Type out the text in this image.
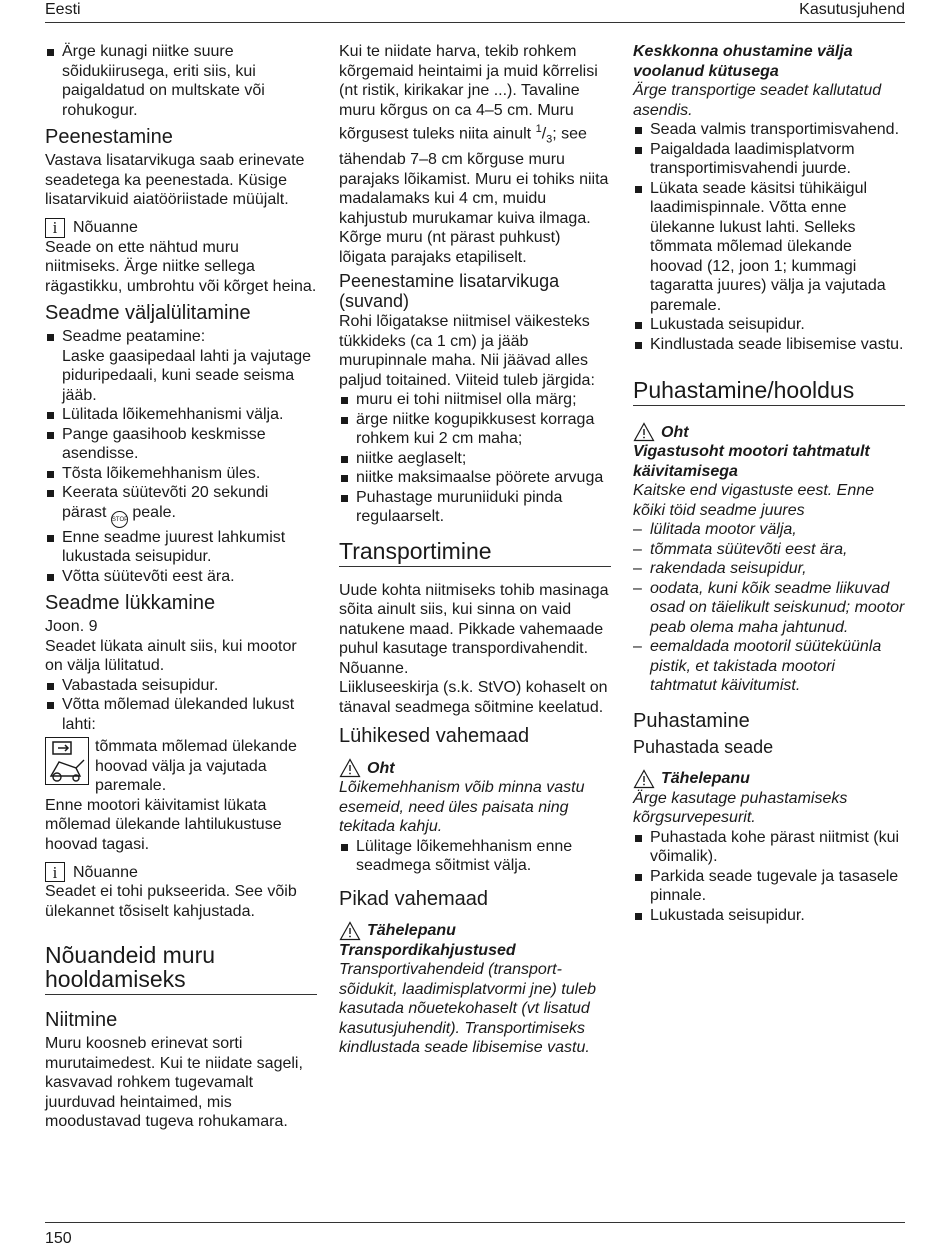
Eesti	Kasutusjuhend
Ärge kunagi niitke suure sõidukiirusega, eriti siis, kui paigaldatud on multskate või rohukogur.
Peenestamine

Vastava lisatarvikuga saab erinevate seadetega ka peenestada. Küsige lisatarvikuid aiatööriistade müüjalt.

i Nõuanne

Seade on ette nähtud muru niitmiseks. Ärge niitke sellega rägastikku, umbrohtu või kõrget heina.

Seadme väljalülitamine
Seadme peatamine:
Laske gaasipedaal lahti ja vajutage piduripedaali, kuni seade seisma jääb.
Lülitada lõikemehhanismi välja.
Pange gaasihoob keskmisse asendisse.
Tõsta lõikemehhanism üles.
Keerata süütevõti 20 sekundi pärast STOP peale.
Enne seadme juurest lahkumist lukustada seisupidur.
Võtta süütevõti eest ära.
Seadme lükkamine

Joon. 9

Seadet lükata ainult siis, kui mootor on välja lülitatud.

Vabastada seisupidur.
Võtta mõlemad ülekanded lukust lahti:

tõmmata mõlemad ülekande hoovad välja ja vajutada paremale.

Enne mootori käivitamist lükata mõlemad ülekande lahtilukustuse hoovad tagasi.

i Nõuanne

Seadet ei tohi pukseerida. See võib ülekannet tõsiselt kahjustada.

Nõuandeid muru
hooldamiseks
Niitmine

Muru koosneb erinevat sorti murutaimedest. Kui te niidate sageli, kasvavad rohkem tugevamalt juurduvad heintaimed, mis moodustavad tugeva rohukamara.

Kui te niidate harva, tekib rohkem kõrgemaid heintaimi ja muid kõrrelisi (nt ristik, kirikakar jne ...). Tavaline muru kõrgus on ca 4–5 cm. Muru kõrgusest tuleks niita ainult $^1/_3$; see tähendab 7–8 cm kõrguse muru parajaks lõikamist. Muru ei tohiks niita madalamaks kui 4 cm, muidu kahjustub murukamar kuiva ilmaga. Kõrge muru (nt pärast puhkust) lõigata parajaks etapiliselt.

Peenestamine lisatarvikuga (suvand)

Rohi lõigatakse niitmisel väikesteks tükkideks (ca 1 cm) ja jääb murupinnale maha. Nii jäävad alles paljud toitained. Viiteid tuleb järgida:

muru ei tohi niitmisel olla märg;
ärge niitke kogupikkusest korraga rohkem kui 2 cm maha;
niitke aeglaselt;
niitke maksimaalse pöörete arvuga
Puhastage muruniiduki pinda regulaarselt.
Transportimine

Uude kohta niitmiseks tohib masinaga sõita ainult siis, kui sinna on vaid natukene maad. Pikkade vahemaade puhul kasutage transpordivahendit.

Nõuanne.

Liikluseeskirja (s.k. StVO) kohaselt on tänaval seadmega sõitmine keelatud.

Lühikesed vahemaad
Oht

Lõikemehhanism võib minna vastu esemeid, need üles paisata ning tekitada kahju.

Lülitage lõikemehhanism enne seadmega sõitmist välja.
Pikad vahemaad
Tähelepanu

Transpordikahjustused

Transportivahendeid (transport-sõidukit, laadimisplatvormi jne) tuleb kasutada nõuetekohaselt (vt lisatud kasutusjuhendit). Transportimiseks kindlustada seade libisemise vastu.

Keskkonna ohustamine välja voolanud kütusega

Ärge transportige seadet kallutatud asendis.

Seada valmis transportimisvahend.
Paigaldada laadimisplatvorm transportimisvahendi juurde.
Lükata seade käsitsi tühikäigul laadimispinnale. Võtta enne ülekanne lukust lahti. Selleks tõmmata mõlemad ülekande hoovad (12, joon 1; kummagi tagaratta juures) välja ja vajutada paremale.
Lukustada seisupidur.
Kindlustada seade libisemise vastu.
Puhastamine/hooldus
Oht

Vigastusoht mootori tahtmatult käivitamisega

Kaitske end vigastuste eest. Enne kõiki töid seadme juures

– lülitada mootor välja,
– tõmmata süütevõti eest ära,
– rakendada seisupidur,
– oodata, kuni kõik seadme liikuvad osad on täielikult seiskunud; mootor peab olema maha jahtunud.
– eemaldada mootoril süüteküünla pistik, et takistada mootori tahtmatut käivitumist.
Puhastamine
Puhastada seade
Tähelepanu

Ärge kasutage puhastamiseks kõrgsurvepesurit.

Puhastada kohe pärast niitmist (kui võimalik).
Parkida seade tugevale ja tasasele pinnale.
Lukustada seisupidur.
150
